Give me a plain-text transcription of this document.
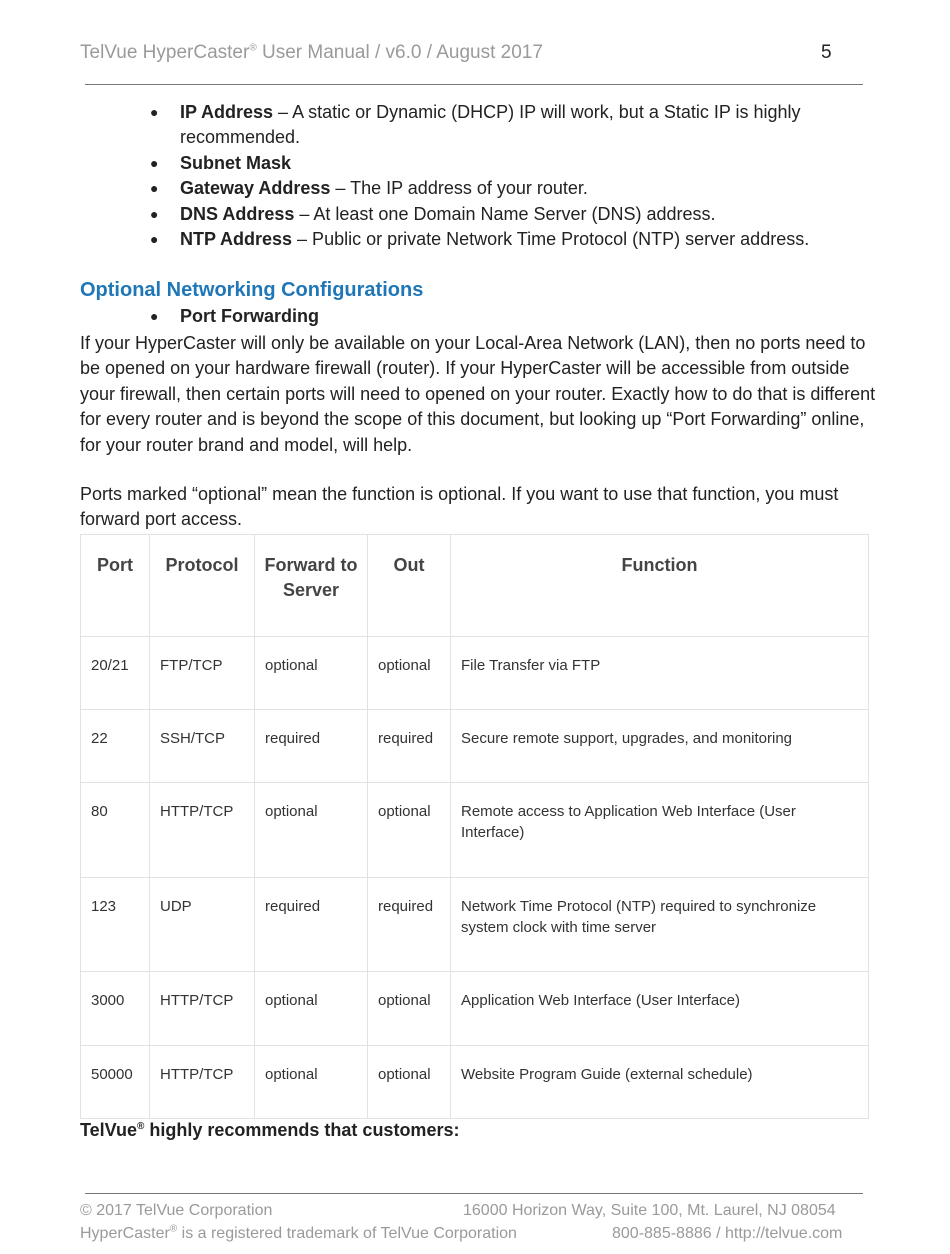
TelVue HyperCaster® User Manual / v6.0 / August 2017	5
● IP Address – A static or Dynamic (DHCP) IP will work, but a Static IP is highly recommended.
● Subnet Mask
● Gateway Address – The IP address of your router.
● DNS Address – At least one Domain Name Server (DNS) address.
● NTP Address – Public or private Network Time Protocol (NTP) server address.
Optional Networking Configurations
● Port Forwarding

If your HyperCaster will only be available on your Local-Area Network (LAN), then no ports need to be opened on your hardware firewall (router). If your HyperCaster will be accessible from outside your firewall, then certain ports will need to opened on your router. Exactly how to do that is different for every router and is beyond the scope of this document, but looking up “Port Forwarding” online, for your router brand and model, will help.

Ports marked “optional” mean the function is optional. If you want to use that function, you must forward port access.

Port	Protocol	Forward to Server	Out	Function
20/21	FTP/TCP	optional	optional	File Transfer via FTP
22	SSH/TCP	required	required	Secure remote support, upgrades, and monitoring
80	HTTP/TCP	optional	optional	Remote access to Application Web Interface (User Interface)
123	UDP	required	required	Network Time Protocol (NTP) required to synchronize system clock with time server
3000	HTTP/TCP	optional	optional	Application Web Interface (User Interface)
50000	HTTP/TCP	optional	optional	Website Program Guide (external schedule)
TelVue® highly recommends that customers:
© 2017 TelVue Corporation	16000 Horizon Way, Suite 100, Mt. Laurel, NJ 08054
HyperCaster® is a registered trademark of TelVue Corporation	800-885-8886 / http://telvue.com
